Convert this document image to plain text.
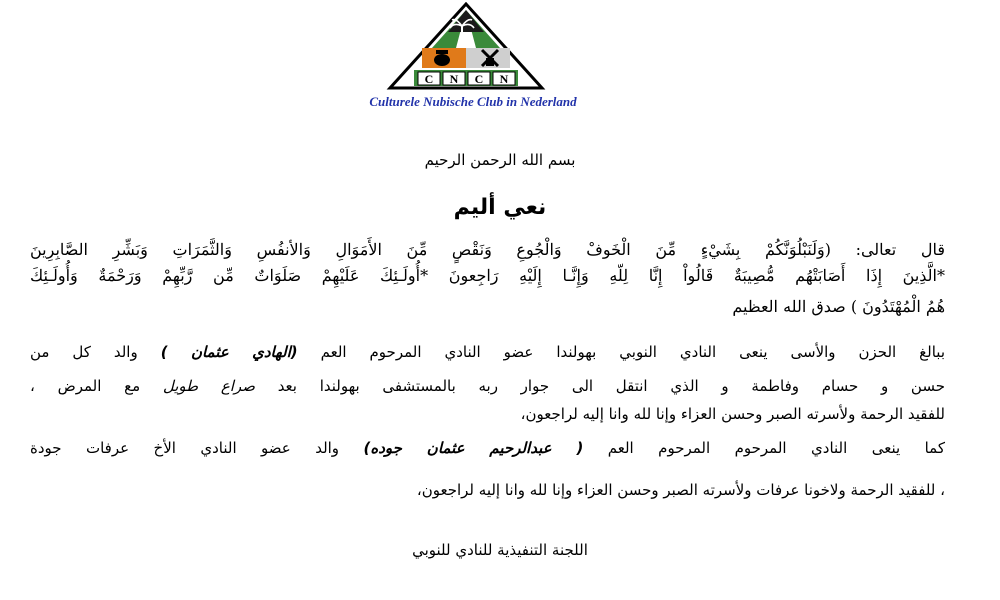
nubia
C N C N
Culturele Nubische Club in Nederland
بسم الله الرحمن الرحيم
نعي أليم
قال تعالى: (وَلَنَبْلُوَنَّكُمْ بِشَيْءٍ مِّنَ الْخَوفْ وَالْجُوعِ وَنَقْصٍ مِّنَ الأَمَوَالِ وَالأنفُسِ وَالثَّمَرَاتِ وَبَشِّرِ الصَّابِرِينَ
*الَّذِينَ إِذَا أَصَابَتْهُم مُّصِيبَةٌ قَالُواْ إِنَّا لِلّهِ وَإِنَّـا إِلَيْهِ رَاجِعونَ *أُولَـئِكَ عَلَيْهِمْ صَلَوَاتٌ مِّن رَّبِّهِمْ وَرَحْمَةٌ وَأُولَـئِكَ
هُمُ الْمُهْتَدُونَ ) صدق الله العظيم
ببالغ الحزن والأسى ينعى النادي النوبي بهولندا عضو النادي المرحوم العم (الهادي عثمان ) والد كل من
حسن و حسام وفاطمة و الذي انتقل الى جوار ربه بالمستشفى بهولندا بعد صراع طويل مع المرض ،
للفقيد الرحمة ولأسرته الصبر وحسن العزاء وإنا لله وانا إليه لراجعون،
كما ينعى النادي المرحوم المرحوم العم ( عبدالرحيم عثمان جوده) والد عضو النادي الأخ عرفات جودة
، للفقيد الرحمة ولاخونا عرفات ولأسرته الصبر وحسن العزاء وإنا لله وانا إليه لراجعون،
اللجنة التنفيذية للنادي للنوبي
